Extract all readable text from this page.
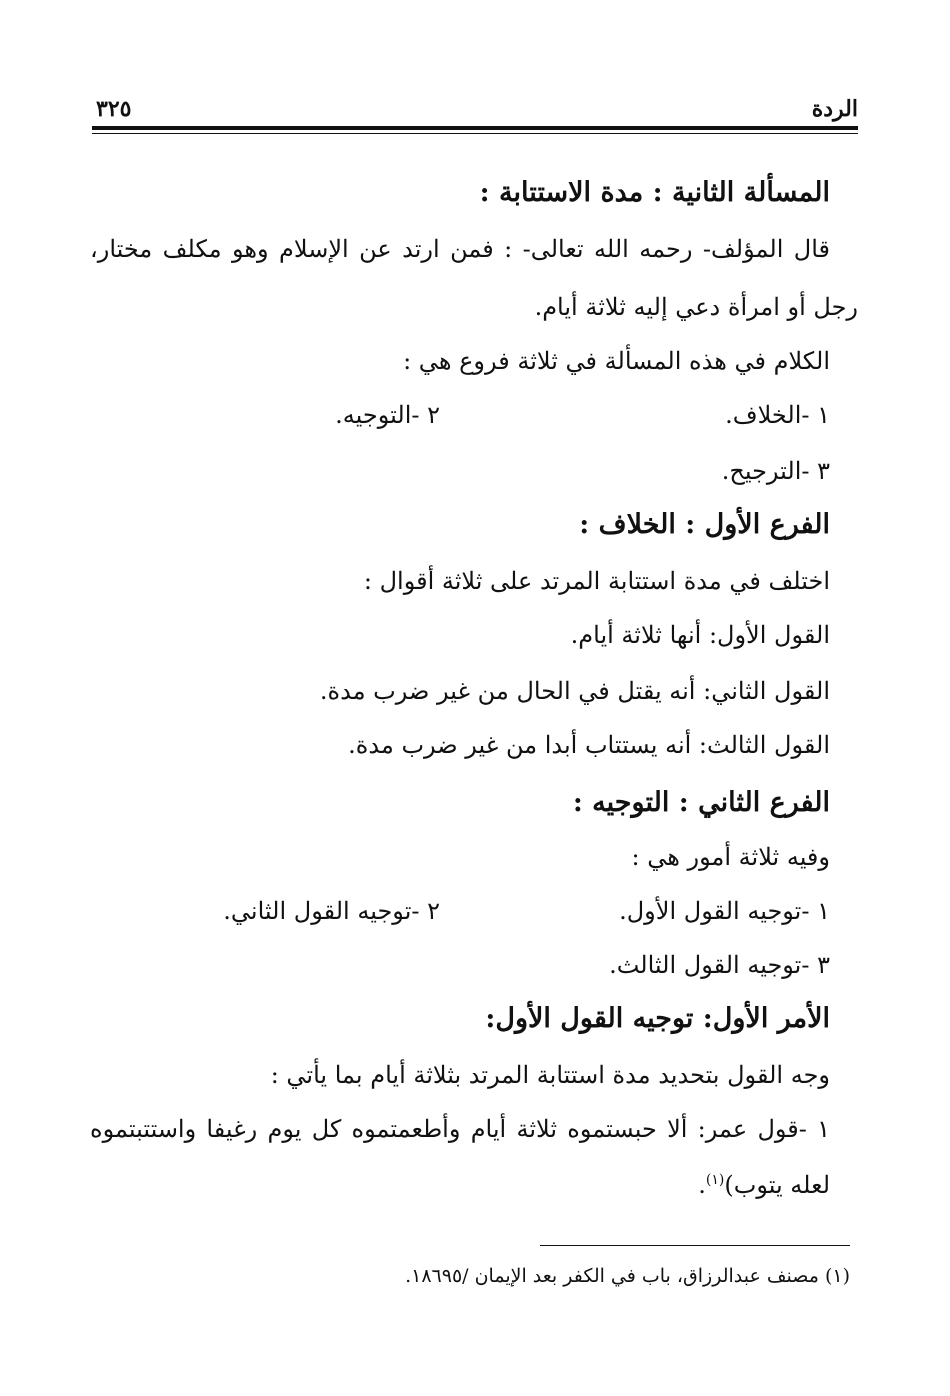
الردة
٣٢٥
المسألة الثانية : مدة الاستتابة :
قال المؤلف- رحمه الله تعالى- : فمن ارتد عن الإسلام وهو مكلف مختار،
رجل أو امرأة دعي إليه ثلاثة أيام.
الكلام في هذه المسألة في ثلاثة فروع هي :
١ -الخلاف.
٢ -التوجيه.
٣ -الترجيح.
الفرع الأول : الخلاف :
اختلف في مدة استتابة المرتد على ثلاثة أقوال :
القول الأول: أنها ثلاثة أيام.
القول الثاني: أنه يقتل في الحال من غير ضرب مدة.
القول الثالث: أنه يستتاب أبدا من غير ضرب مدة.
الفرع الثاني : التوجيه :
وفيه ثلاثة أمور هي :
١ -توجيه القول الأول.
٢ -توجيه القول الثاني.
٣ -توجيه القول الثالث.
الأمر الأول: توجيه القول الأول:
وجه القول بتحديد مدة استتابة المرتد بثلاثة أيام بما يأتي :
١ -قول عمر: ألا حبستموه ثلاثة أيام وأطعمتموه كل يوم رغيفا واستتبتموه
لعله يتوب)$^{(١)}$.
(١) مصنف عبدالرزاق، باب في الكفر بعد الإيمان /١٨٦٩٥.
